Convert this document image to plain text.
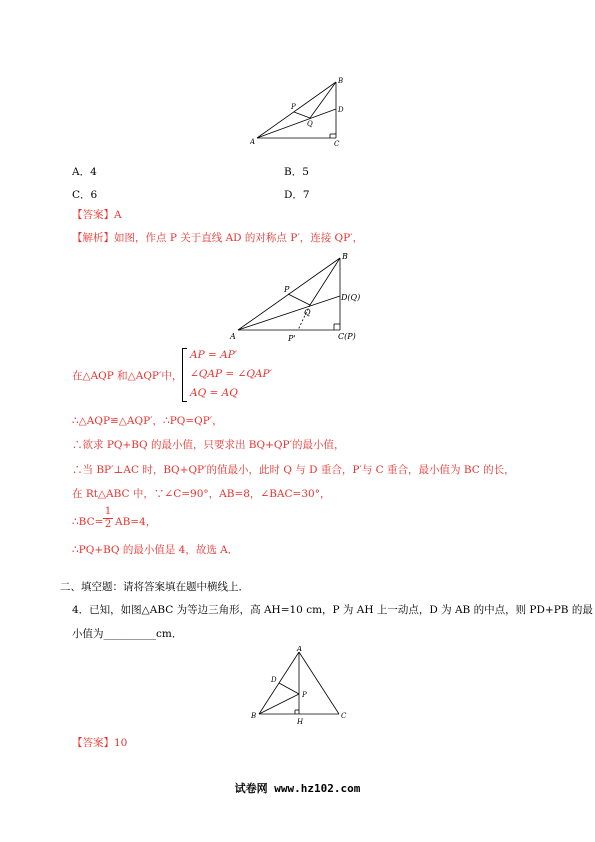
A
B
C
D
P
Q
A．4	B．5
C．6	D．7
【答案】A
【解析】如图，作点 P 关于直线 AD 的对称点 P′，连接 QP′，
A
B
C(P)
D(Q)
P
Q
P'
在△AQP 和△AQP′中，
AP = AP′
∠QAP = ∠QAP′
AQ = AQ
∴△AQP≌△AQP′，∴PQ=QP′，
∴欲求 PQ+BQ 的最小值，只要求出 BQ+QP′的最小值，
∴当 BP′⊥AC 时，BQ+QP′的值最小，此时 Q 与 D 重合，P′与 C 重合，最小值为 BC 的长，
在 Rt△ABC 中，∵∠C=90°，AB=8，∠BAC=30°，
∴BC= $\frac{1}{2} AB=4$，
∴PQ+BQ 的最小值是 4，故选 A．
二、填空题：请将答案填在题中横线上．
4．已知，如图△ABC 为等边三角形，高 AH=10 cm，P 为 AH 上一动点，D 为 AB 的中点，则 PD+PB 的最
小值为__________cm．
A
B	C
D
P
H
【答案】10
试卷网 www.hz102.com
